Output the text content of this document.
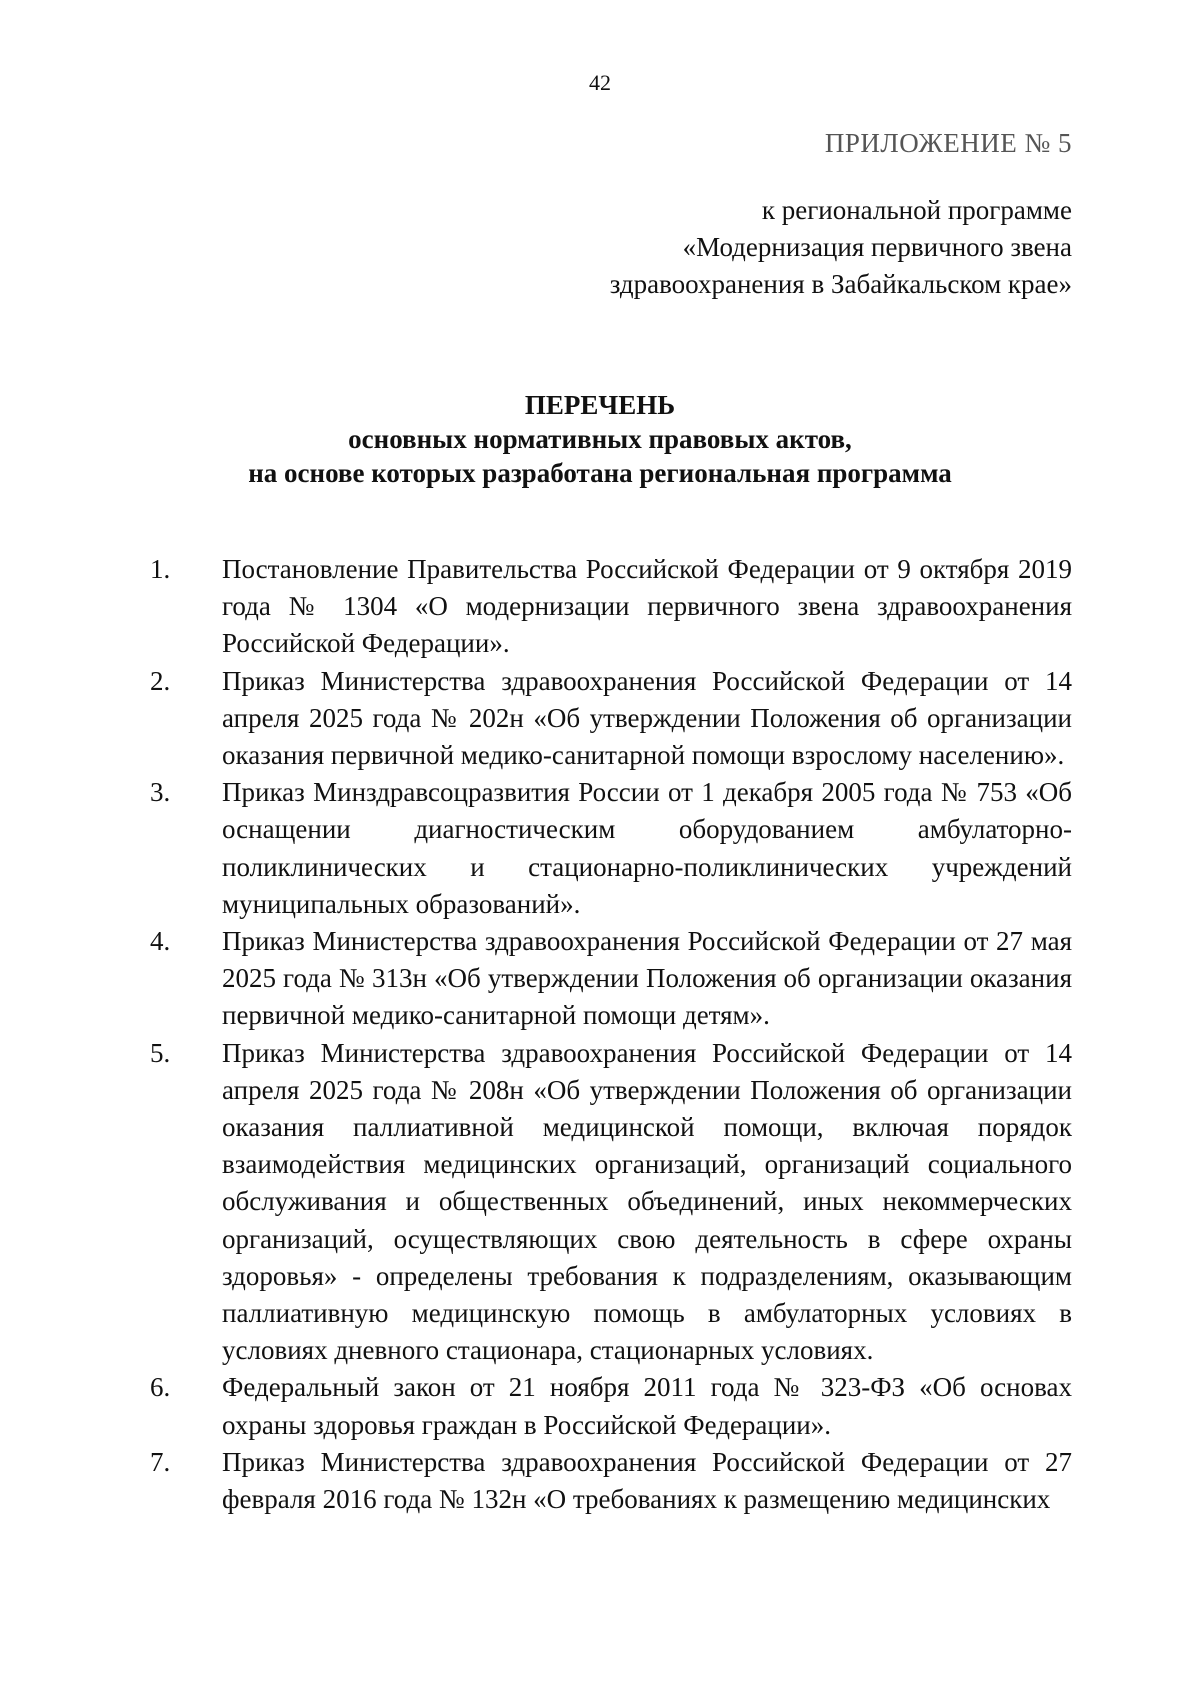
42
ПРИЛОЖЕНИЕ № 5
к региональной программе
«Модернизация первичного звена
здравоохранения в Забайкальском крае»
ПЕРЕЧЕНЬ
основных нормативных правовых актов,
на основе которых разработана региональная программа
1. Постановление Правительства Российской Федерации от 9 октября 2019 года № 1304 «О модернизации первичного звена здравоохранения Российской Федерации».
2. Приказ Министерства здравоохранения Российской Федерации от 14 апреля 2025 года № 202н «Об утверждении Положения об организации оказания первичной медико-санитарной помощи взрослому населению».
3. Приказ Минздравсоцразвития России от 1 декабря 2005 года № 753 «Об оснащении диагностическим оборудованием амбулаторно-поликлинических и стационарно-поликлинических учреждений муниципальных образований».
4. Приказ Министерства здравоохранения Российской Федерации от 27 мая 2025 года № 313н «Об утверждении Положения об организации оказания первичной медико-санитарной помощи детям».
5. Приказ Министерства здравоохранения Российской Федерации от 14 апреля 2025 года № 208н «Об утверждении Положения об организации оказания паллиативной медицинской помощи, включая порядок взаимодействия медицинских организаций, организаций социального обслуживания и общественных объединений, иных некоммерческих организаций, осуществляющих свою деятельность в сфере охраны здоровья» - определены требования к подразделениям, оказывающим паллиативную медицинскую помощь в амбулаторных условиях в условиях дневного стационара, стационарных условиях.
6. Федеральный закон от 21 ноября 2011 года № 323-ФЗ «Об основах охраны здоровья граждан в Российской Федерации».
7. Приказ Министерства здравоохранения Российской Федерации от 27 февраля 2016 года № 132н «О требованиях к размещению медицинских
